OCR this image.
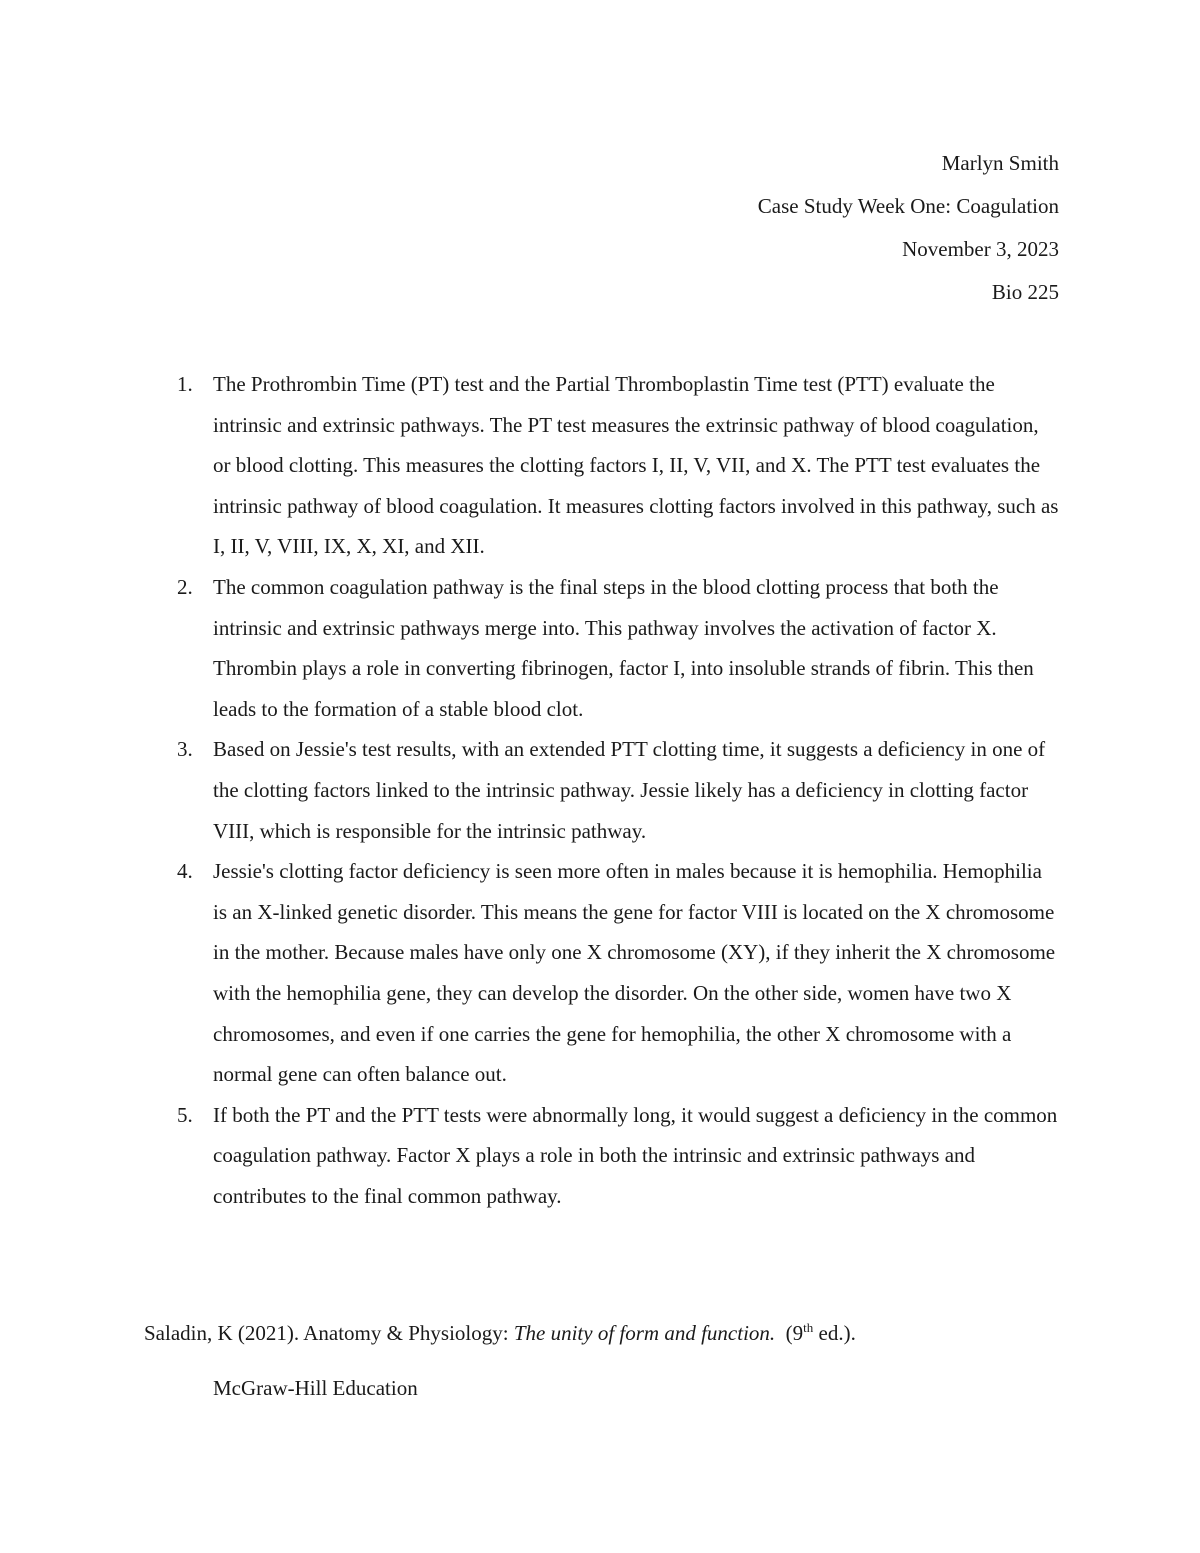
Marlyn Smith
Case Study Week One: Coagulation
November 3, 2023
Bio 225
1. The Prothrombin Time (PT) test and the Partial Thromboplastin Time test (PTT) evaluate the intrinsic and extrinsic pathways. The PT test measures the extrinsic pathway of blood coagulation, or blood clotting. This measures the clotting factors I, II, V, VII, and X. The PTT test evaluates the intrinsic pathway of blood coagulation. It measures clotting factors involved in this pathway, such as I, II, V, VIII, IX, X, XI, and XII.
2. The common coagulation pathway is the final steps in the blood clotting process that both the intrinsic and extrinsic pathways merge into. This pathway involves the activation of factor X. Thrombin plays a role in converting fibrinogen, factor I, into insoluble strands of fibrin. This then leads to the formation of a stable blood clot.
3. Based on Jessie's test results, with an extended PTT clotting time, it suggests a deficiency in one of the clotting factors linked to the intrinsic pathway. Jessie likely has a deficiency in clotting factor VIII, which is responsible for the intrinsic pathway.
4. Jessie's clotting factor deficiency is seen more often in males because it is hemophilia. Hemophilia is an X-linked genetic disorder. This means the gene for factor VIII is located on the X chromosome in the mother. Because males have only one X chromosome (XY), if they inherit the X chromosome with the hemophilia gene, they can develop the disorder. On the other side, women have two X chromosomes, and even if one carries the gene for hemophilia, the other X chromosome with a normal gene can often balance out.
5. If both the PT and the PTT tests were abnormally long, it would suggest a deficiency in the common coagulation pathway. Factor X plays a role in both the intrinsic and extrinsic pathways and contributes to the final common pathway.
Saladin, K (2021). Anatomy & Physiology: The unity of form and function.  (9th ed.).
McGraw-Hill Education
